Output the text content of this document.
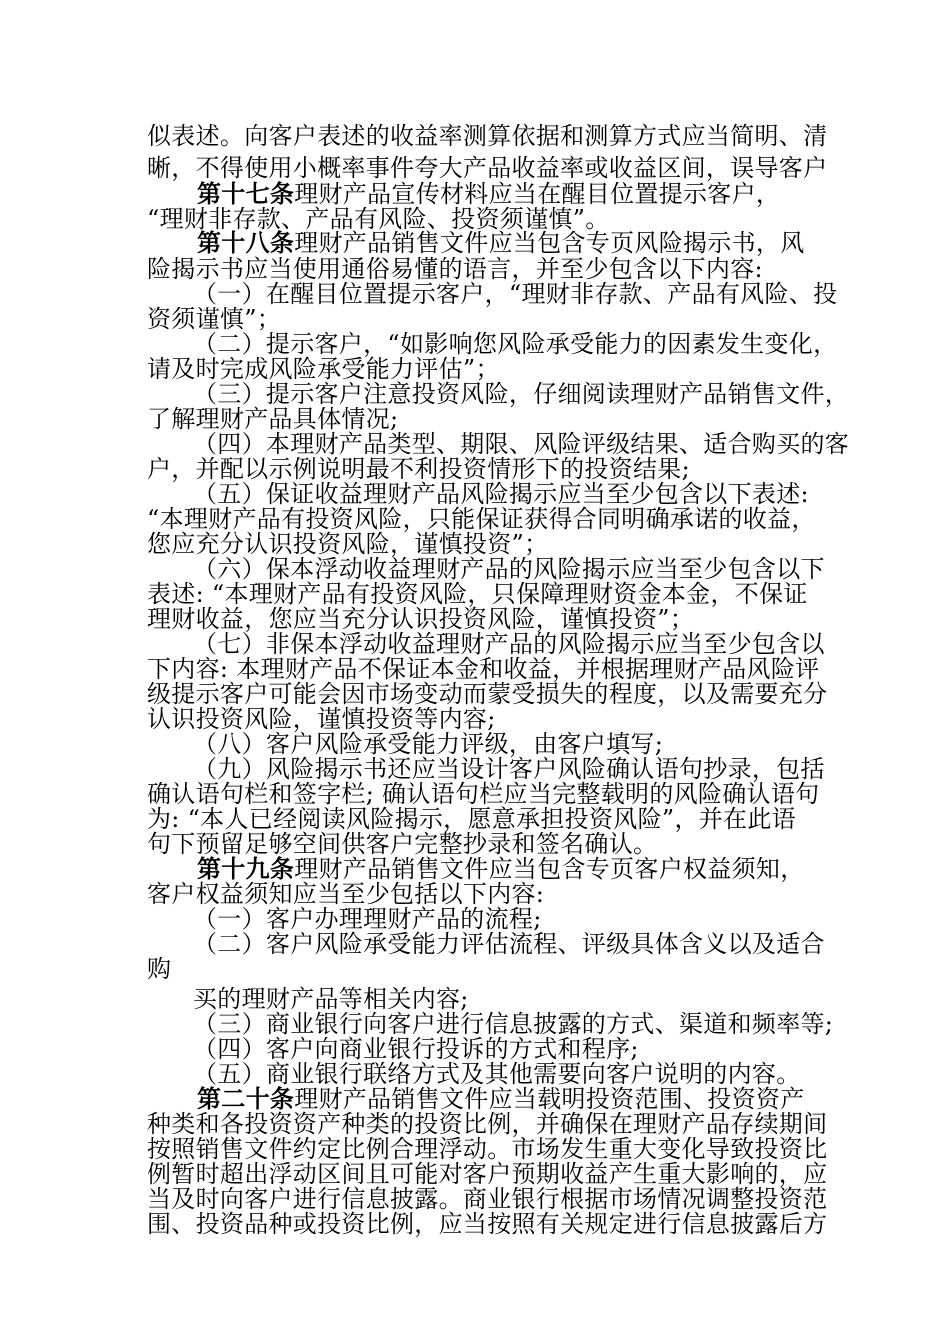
似表述。向客户表述的收益率测算依据和测算方式应当简明、清
晰，不得使用小概率事件夸大产品收益率或收益区间，误导客户
第十七条理财产品宣传材料应当在醒目位置提示客户，
“理财非存款、产品有风险、投资须谨慎”。
第十八条理财产品销售文件应当包含专页风险揭示书，风
险揭示书应当使用通俗易懂的语言，并至少包含以下内容:
（一）在醒目位置提示客户，“理财非存款、产品有风险、投
资须谨慎”；
（二）提示客户，“如影响您风险承受能力的因素发生变化，
请及时完成风险承受能力评估”；
（三）提示客户注意投资风险，仔细阅读理财产品销售文件，
了解理财产品具体情况;
（四）本理财产品类型、期限、风险评级结果、适合购买的客
户，并配以示例说明最不利投资情形下的投资结果;
（五）保证收益理财产品风险揭示应当至少包含以下表述:
“本理财产品有投资风险，只能保证获得合同明确承诺的收益，
您应充分认识投资风险，谨慎投资”；
（六）保本浮动收益理财产品的风险揭示应当至少包含以下
表述: “本理财产品有投资风险，只保障理财资金本金，不保证
理财收益，您应当充分认识投资风险，谨慎投资”；
（七）非保本浮动收益理财产品的风险揭示应当至少包含以
下内容: 本理财产品不保证本金和收益，并根据理财产品风险评
级提示客户可能会因市场变动而蒙受损失的程度，以及需要充分
认识投资风险，谨慎投资等内容;
（八）客户风险承受能力评级，由客户填写;
（九）风险揭示书还应当设计客户风险确认语句抄录，包括
确认语句栏和签字栏; 确认语句栏应当完整载明的风险确认语句
为: “本人已经阅读风险揭示，愿意承担投资风险”，并在此语
句下预留足够空间供客户完整抄录和签名确认。
第十九条理财产品销售文件应当包含专页客户权益须知，
客户权益须知应当至少包括以下内容:
（一）客户办理理财产品的流程;
（二）客户风险承受能力评估流程、评级具体含义以及适合
购
买的理财产品等相关内容;
（三）商业银行向客户进行信息披露的方式、渠道和频率等;
（四）客户向商业银行投诉的方式和程序;
（五）商业银行联络方式及其他需要向客户说明的内容。
第二十条理财产品销售文件应当载明投资范围、投资资产
种类和各投资资产种类的投资比例，并确保在理财产品存续期间
按照销售文件约定比例合理浮动。市场发生重大变化导致投资比
例暂时超出浮动区间且可能对客户预期收益产生重大影响的，应
当及时向客户进行信息披露。商业银行根据市场情况调整投资范
围、投资品种或投资比例，应当按照有关规定进行信息披露后方
